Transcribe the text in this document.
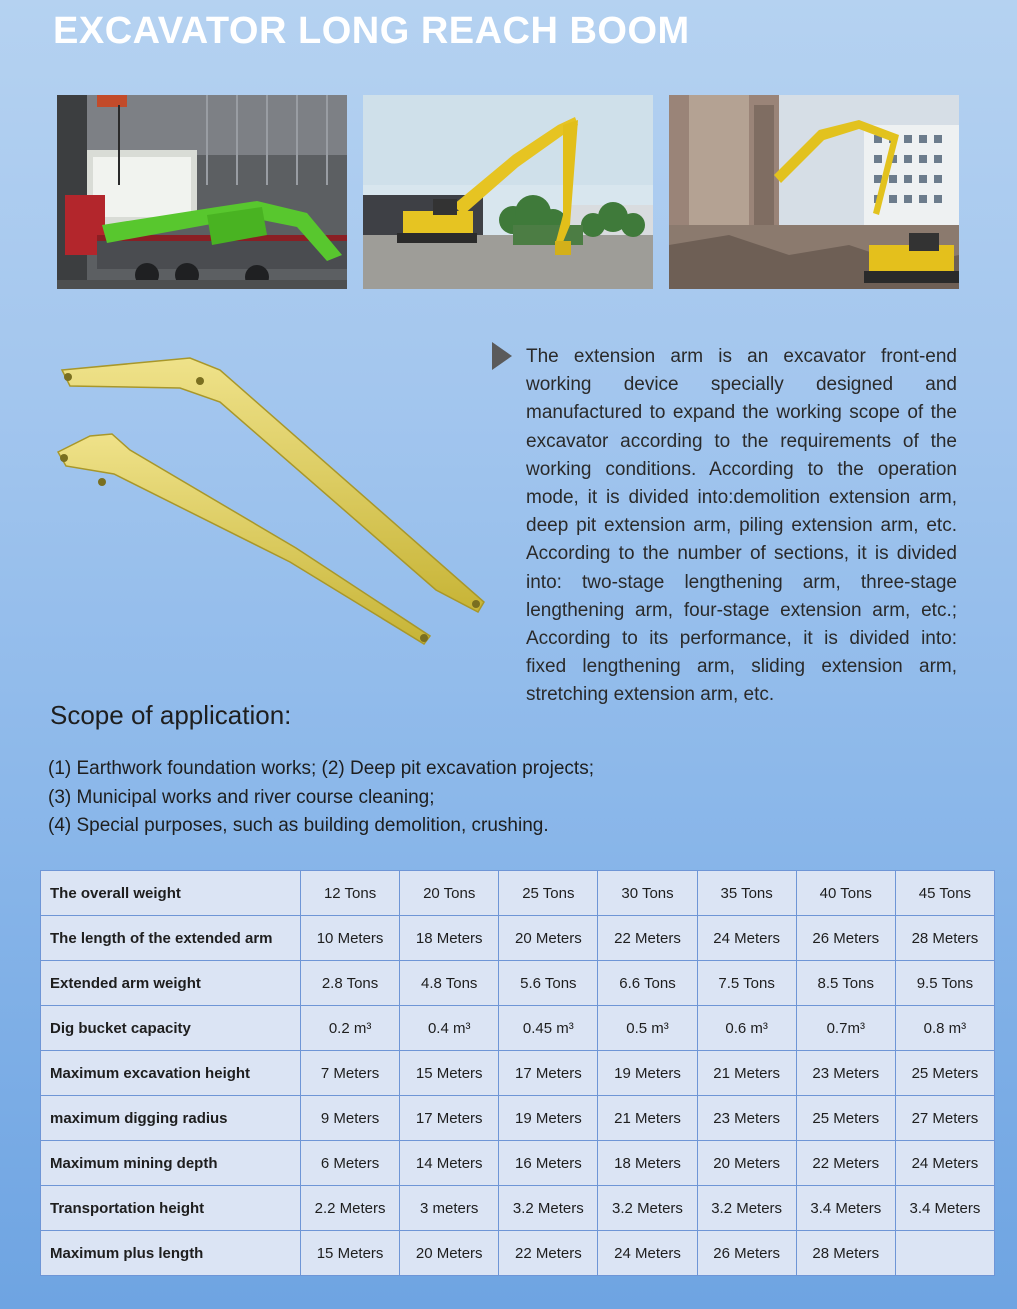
EXCAVATOR LONG REACH BOOM

The extension arm is an excavator front-end working device specially designed and manufactured to expand the working scope of the excavator according to the requirements of the working conditions. According to the operation mode, it is divided into:demolition extension arm, deep pit extension arm, piling extension arm, etc. According to the number of sections, it is divided into: two-stage lengthening arm, three-stage lengthening arm, four-stage extension arm, etc.; According to its performance, it is divided into: fixed lengthening arm, sliding extension arm, stretching extension arm, etc.

Scope of application:
(1) Earthwork foundation works; (2) Deep pit excavation projects;
(3) Municipal works and river course cleaning;
(4) Special purposes, such as building demolition, crushing.
The overall weight	12 Tons	20 Tons	25 Tons	30 Tons	35 Tons	40 Tons	45 Tons
The length of the extended arm	10 Meters	18 Meters	20 Meters	22 Meters	24 Meters	26 Meters	28 Meters
Extended arm weight	2.8 Tons	4.8 Tons	5.6 Tons	6.6 Tons	7.5 Tons	8.5 Tons	9.5 Tons
Dig bucket capacity	0.2 m³	0.4 m³	0.45 m³	0.5 m³	0.6 m³	0.7m³	0.8 m³
Maximum excavation height	7 Meters	15 Meters	17 Meters	19 Meters	21 Meters	23 Meters	25 Meters
maximum digging radius	9 Meters	17 Meters	19 Meters	21 Meters	23 Meters	25 Meters	27 Meters
Maximum mining depth	6 Meters	14 Meters	16 Meters	18 Meters	20 Meters	22 Meters	24 Meters
Transportation height	2.2 Meters	3 meters	3.2 Meters	3.2 Meters	3.2 Meters	3.4 Meters	3.4 Meters
Maximum plus length	15 Meters	20 Meters	22 Meters	24 Meters	26 Meters	28 Meters	
